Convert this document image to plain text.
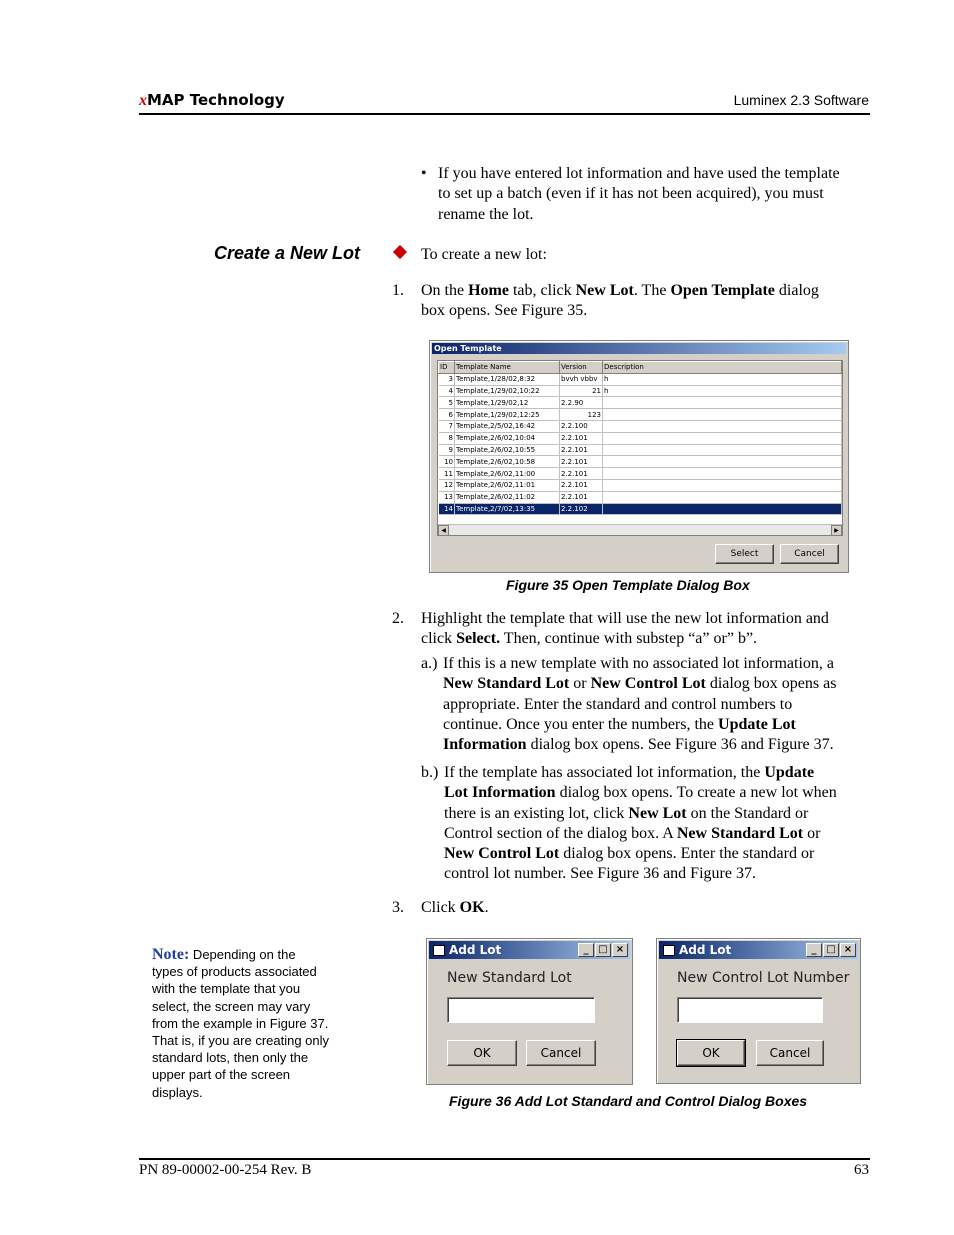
xMAP Technology	Luminex 2.3 Software
• If you have entered lot information and have used the template
to set up a batch (even if it has not been acquired), you must
rename the lot.
Create a New Lot	To create a new lot:
1. On the Home tab, click New Lot. The Open Template dialog
box opens. See Figure 35.
Open Template
ID	Template Name	Version	Description
3	Template,1/28/02,8:32	bvvh vbbv	h
4	Template,1/29/02,10:22	21	h
5	Template,1/29/02,12	2.2.90	
6	Template,1/29/02,12:25	123	
7	Template,2/5/02,16:42	2.2.100	
8	Template,2/6/02,10:04	2.2.101	
9	Template,2/6/02,10:55	2.2.101	
10	Template,2/6/02,10:58	2.2.101	
11	Template,2/6/02,11:00	2.2.101	
12	Template,2/6/02,11:01	2.2.101	
13	Template,2/6/02,11:02	2.2.101	
14	Template,2/7/02,13:35	2.2.102	
◀	▶
Select	Cancel
Figure 35 Open Template Dialog Box
2. Highlight the template that will use the new lot information and
click Select. Then, continue with substep “a” or” b”.
a.) If this is a new template with no associated lot information, a
New Standard Lot or New Control Lot dialog box opens as
appropriate. Enter the standard and control numbers to
continue. Once you enter the numbers, the Update Lot
Information dialog box opens. See Figure 36 and Figure 37.
b.) If the template has associated lot information, the Update
Lot Information dialog box opens. To create a new lot when
there is an existing lot, click New Lot on the Standard or
Control section of the dialog box. A New Standard Lot or
New Control Lot dialog box opens. Enter the standard or
control lot number. See Figure 36 and Figure 37.
3. Click OK.
Note: Depending on the
types of products associated
with the template that you
select, the screen may vary
from the example in Figure 37.
That is, if you are creating only
standard lots, then only the
upper part of the screen
displays.
Add Lot	_ □ ×
New Standard Lot
OK	Cancel
Add Lot	_ □ ×
New Control Lot Number
OK	Cancel
Figure 36 Add Lot Standard and Control Dialog Boxes
PN 89-00002-00-254 Rev. B	63
